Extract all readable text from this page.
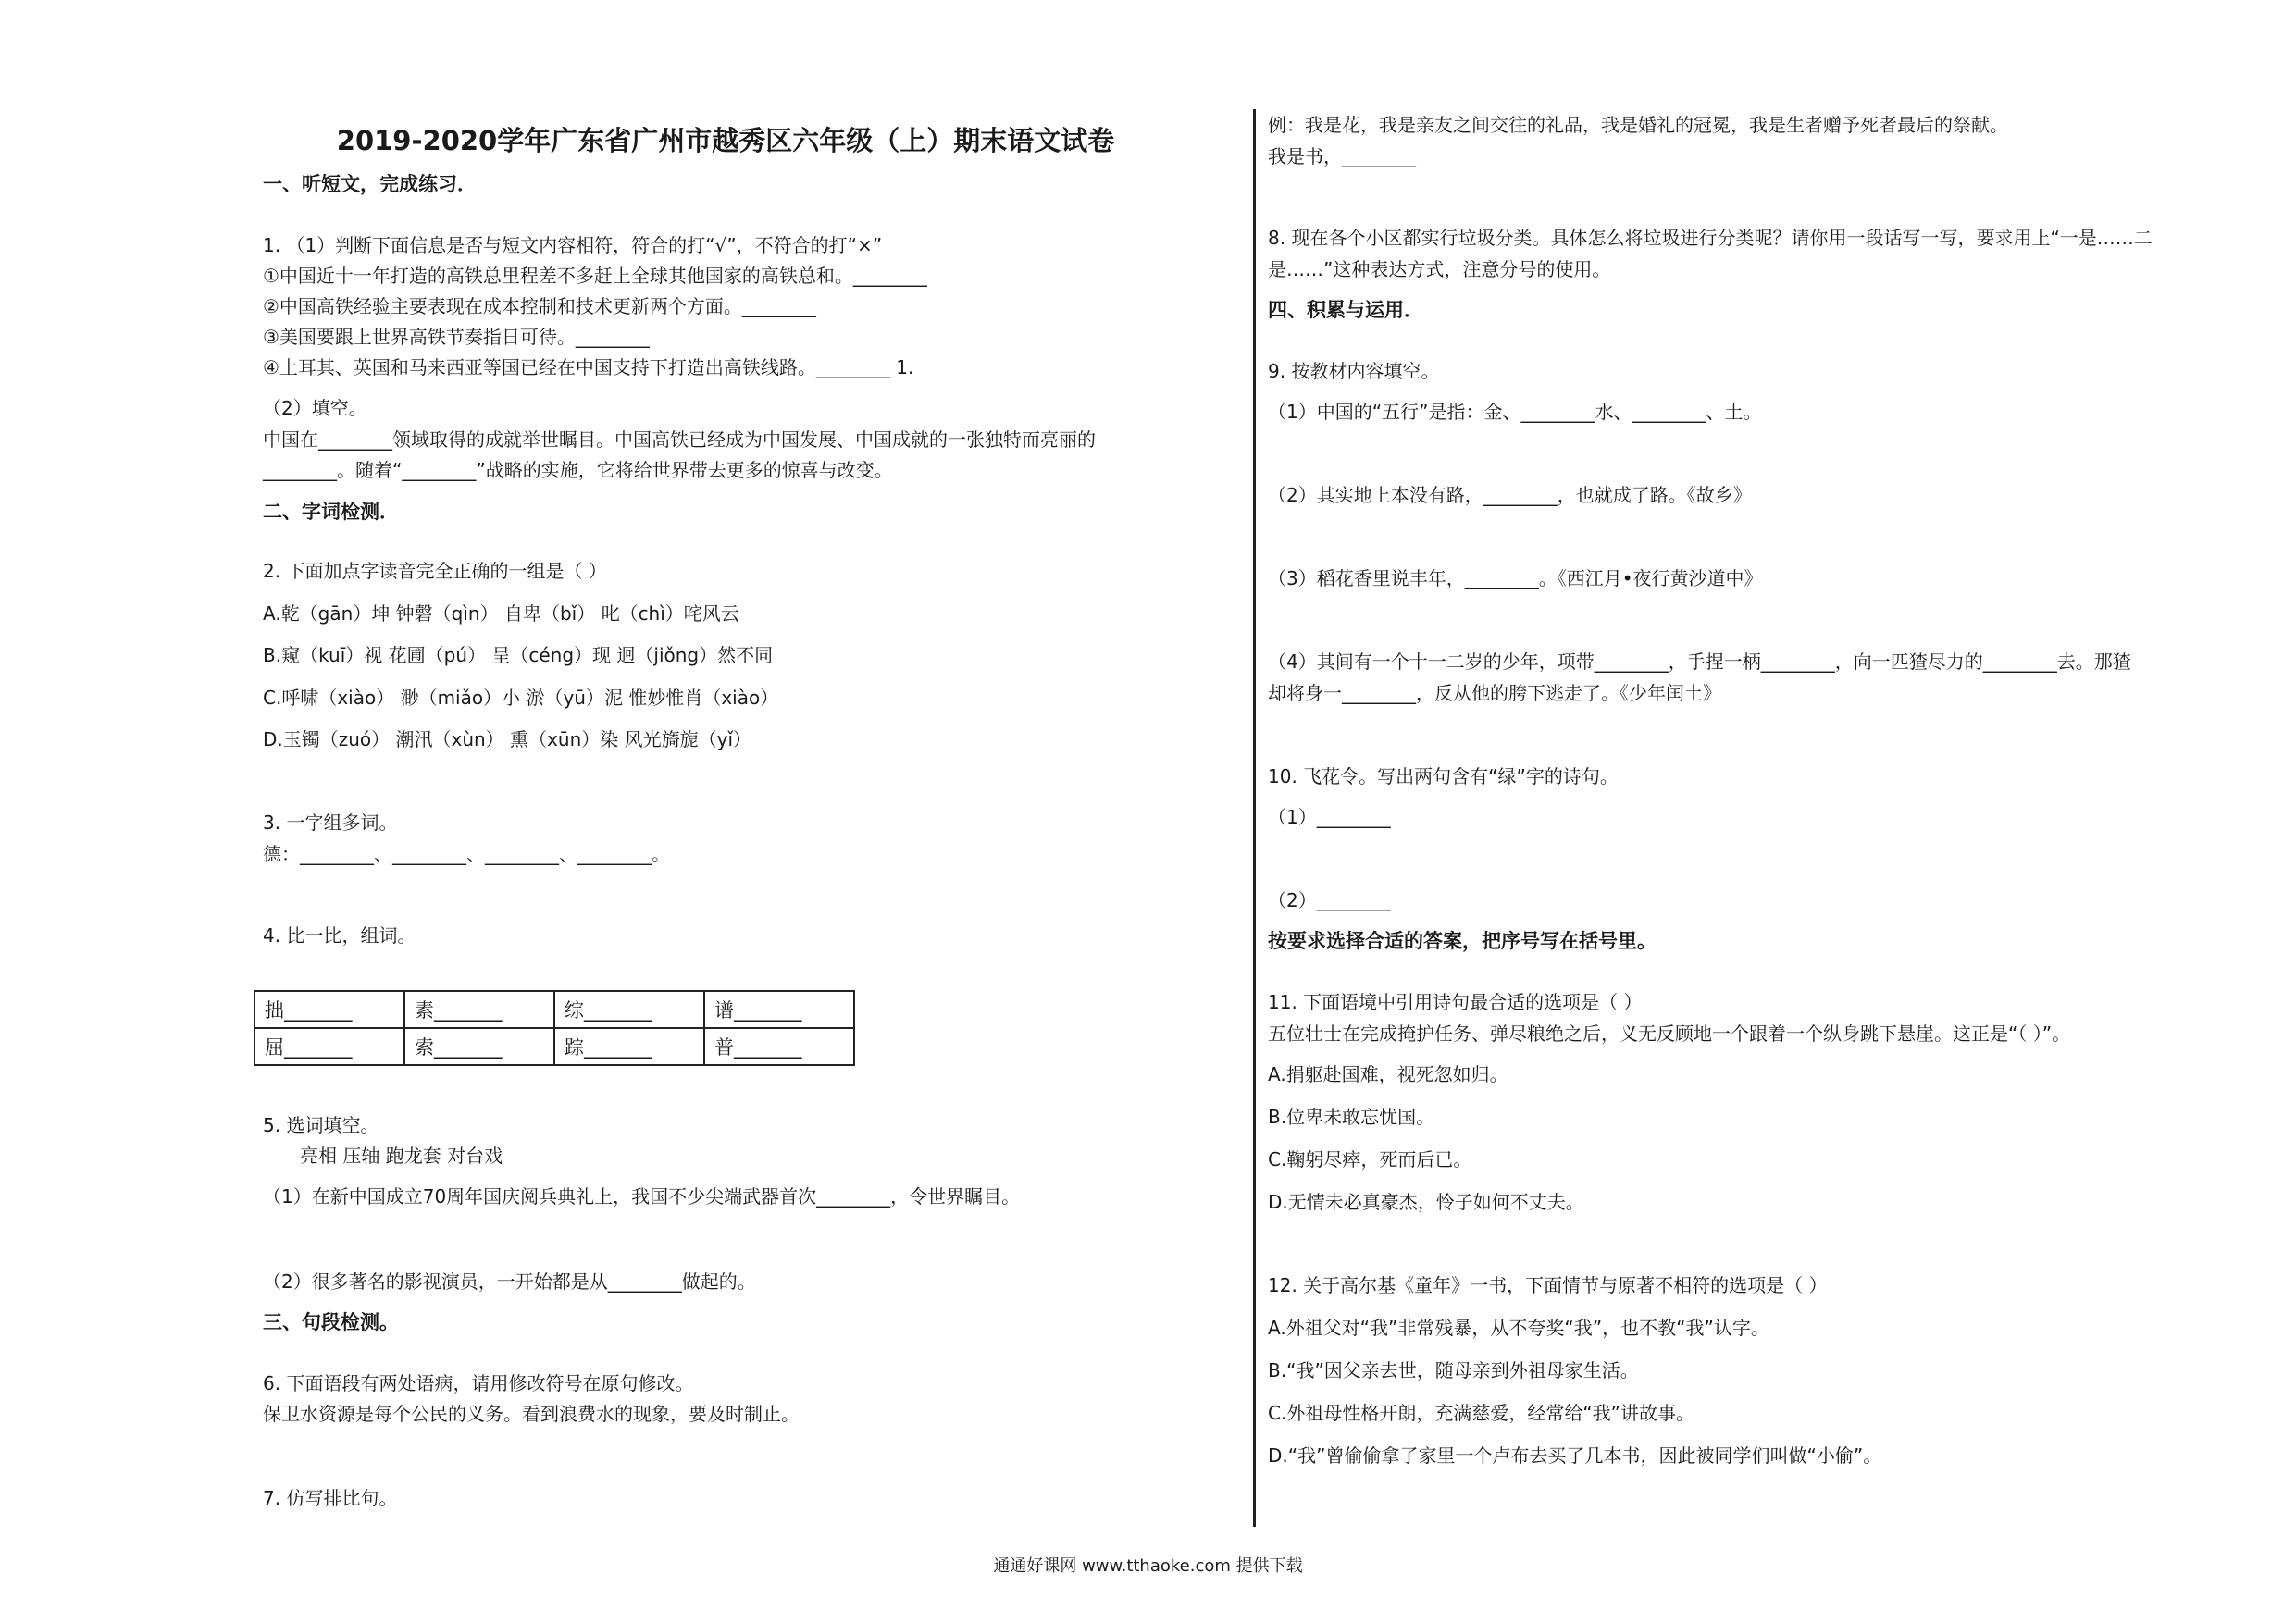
2019-2020学年广东省广州市越秀区六年级（上）期末语文试卷
一、听短文，完成练习．
1. （1）判断下面信息是否与短文内容相符，符合的打“√”，不符合的打“×”
①中国近十一年打造的高铁总里程差不多赶上全球其他国家的高铁总和。________
②中国高铁经验主要表现在成本控制和技术更新两个方面。________
③美国要跟上世界高铁节奏指日可待。________
④土耳其、英国和马来西亚等国已经在中国支持下打造出高铁线路。________ 1.
（2）填空。
中国在________领域取得的成就举世瞩目。中国高铁已经成为中国发展、中国成就的一张独特而亮丽的
________。随着“________”战略的实施，它将给世界带去更多的惊喜与改变。
二、字词检测．
2. 下面加点字读音完全正确的一组是（ ）
A.乾（gān）坤 钟磬（qìn） 自卑（bǐ） 叱（chì）咤风云
B.窥（kuī）视 花圃（pú） 呈（céng）现 迥（jiǒng）然不同
C.呼啸（xiào） 渺（miǎo）小 淤（yū）泥 惟妙惟肖（xiào）
D.玉镯（zuó） 潮汛（xùn） 熏（xūn）染 风光旖旎（yǐ）
3. 一字组多词。
德：________、________、________、________。
4. 比一比，组词。
拙_______	素_______	综_______	谱_______
屈_______	索_______	踪_______	普_______
5. 选词填空。
亮相 压轴 跑龙套 对台戏
（1）在新中国成立70周年国庆阅兵典礼上，我国不少尖端武器首次________，令世界瞩目。
（2）很多著名的影视演员，一开始都是从________做起的。
三、句段检测。
6. 下面语段有两处语病，请用修改符号在原句修改。
保卫水资源是每个公民的义务。看到浪费水的现象，要及时制止。
7. 仿写排比句。
例：我是花，我是亲友之间交往的礼品，我是婚礼的冠冕，我是生者赠予死者最后的祭献。
我是书，________
8. 现在各个小区都实行垃圾分类。具体怎么将垃圾进行分类呢？请你用一段话写一写，要求用上“一是……二
是……”这种表达方式，注意分号的使用。
四、积累与运用．
9. 按教材内容填空。
（1）中国的“五行”是指：金、________水、________、土。
（2）其实地上本没有路，________，也就成了路。《故乡》
（3）稻花香里说丰年，________。《西江月•夜行黄沙道中》
（4）其间有一个十一二岁的少年，项带________，手捏一柄________，向一匹猹尽力的________去。那猹
却将身一________，反从他的胯下逃走了。《少年闰土》
10. 飞花令。写出两句含有“绿”字的诗句。
（1）________
（2）________
按要求选择合适的答案，把序号写在括号里。
11. 下面语境中引用诗句最合适的选项是（ ）
五位壮士在完成掩护任务、弹尽粮绝之后，义无反顾地一个跟着一个纵身跳下悬崖。这正是“（ ）”。
A.捐躯赴国难，视死忽如归。
B.位卑未敢忘忧国。
C.鞠躬尽瘁，死而后已。
D.无情未必真豪杰，怜子如何不丈夫。
12. 关于高尔基《童年》一书，下面情节与原著不相符的选项是（ ）
A.外祖父对“我”非常残暴，从不夸奖“我”，也不教“我”认字。
B.“我”因父亲去世，随母亲到外祖母家生活。
C.外祖母性格开朗，充满慈爱，经常给“我”讲故事。
D.“我”曾偷偷拿了家里一个卢布去买了几本书，因此被同学们叫做“小偷”。
通通好课网 www.tthaoke.com 提供下载
